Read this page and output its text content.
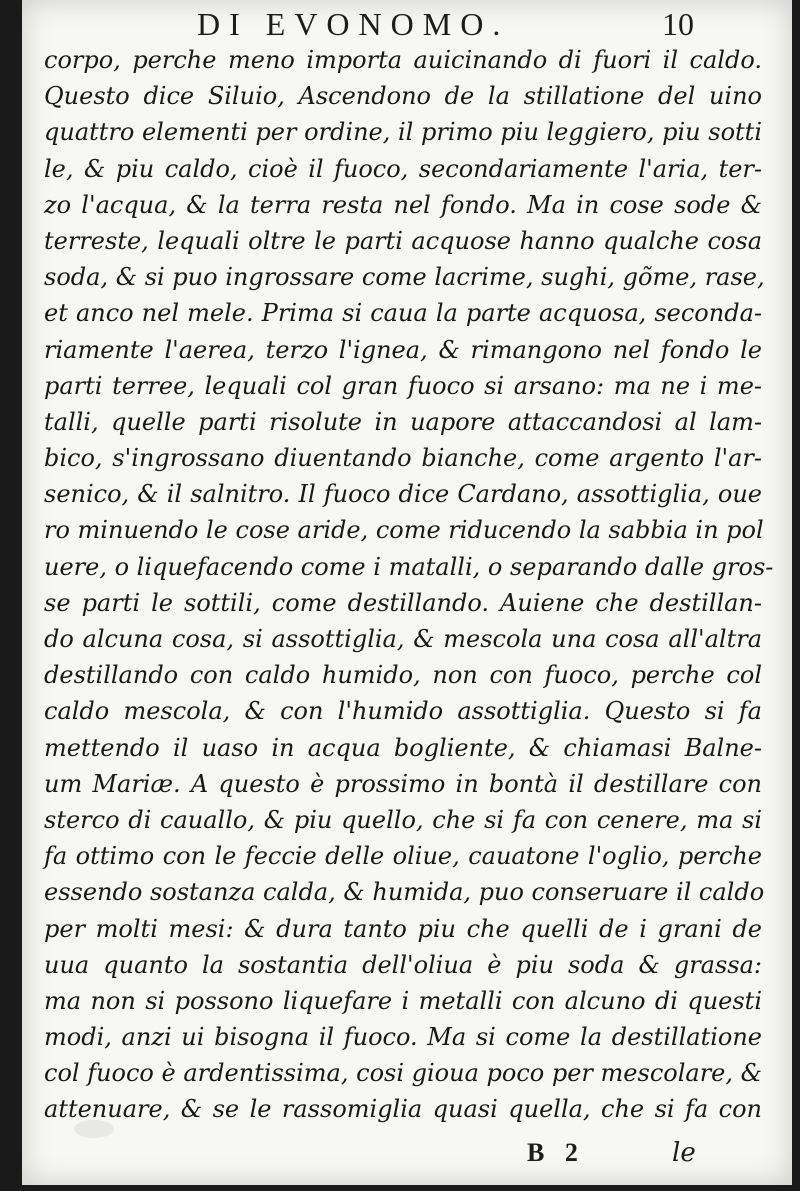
DI EVONOMO.	10
corpo, perche meno importa auicinando di fuori il caldo.
Questo dice Siluio, Ascendono de la stillatione del uino
quattro elementi per ordine, il primo piu leggiero, piu sotti
le, & piu caldo, cioè il fuoco, secondariamente l'aria, ter-
zo l'acqua, & la terra resta nel fondo. Ma in cose sode &
terreste, lequali oltre le parti acquose hanno qualche cosa
soda, & si puo ingrossare come lacrime, sughi, gõme, rase,
et anco nel mele. Prima si caua la parte acquosa, seconda-
riamente l'aerea, terzo l'ignea, & rimangono nel fondo le
parti terree, lequali col gran fuoco si arsano: ma ne i me-
talli, quelle parti risolute in uapore attaccandosi al lam-
bico, s'ingrossano diuentando bianche, come argento l'ar-
senico, & il salnitro. Il fuoco dice Cardano, assottiglia, oue
ro minuendo le cose aride, come riducendo la sabbia in pol
uere, o liquefacendo come i matalli, o separando dalle gros-
se parti le sottili, come destillando. Auiene che destillan-
do alcuna cosa, si assottiglia, & mescola una cosa all'altra
destillando con caldo humido, non con fuoco, perche col
caldo mescola, & con l'humido assottiglia. Questo si fa
mettendo il uaso in acqua bogliente, & chiamasi Balne-
um Mariæ. A questo è prossimo in bontà il destillare con
sterco di cauallo, & piu quello, che si fa con cenere, ma si
fa ottimo con le feccie delle oliue, cauatone l'oglio, perche
essendo sostanza calda, & humida, puo conseruare il caldo
per molti mesi: & dura tanto piu che quelli de i grani de
uua quanto la sostantia dell'oliua è piu soda & grassa:
ma non si possono liquefare i metalli con alcuno di questi
modi, anzi ui bisogna il fuoco. Ma si come la destillatione
col fuoco è ardentissima, cosi gioua poco per mescolare, &
attenuare, & se le rassomiglia quasi quella, che si fa con
B 2	le
